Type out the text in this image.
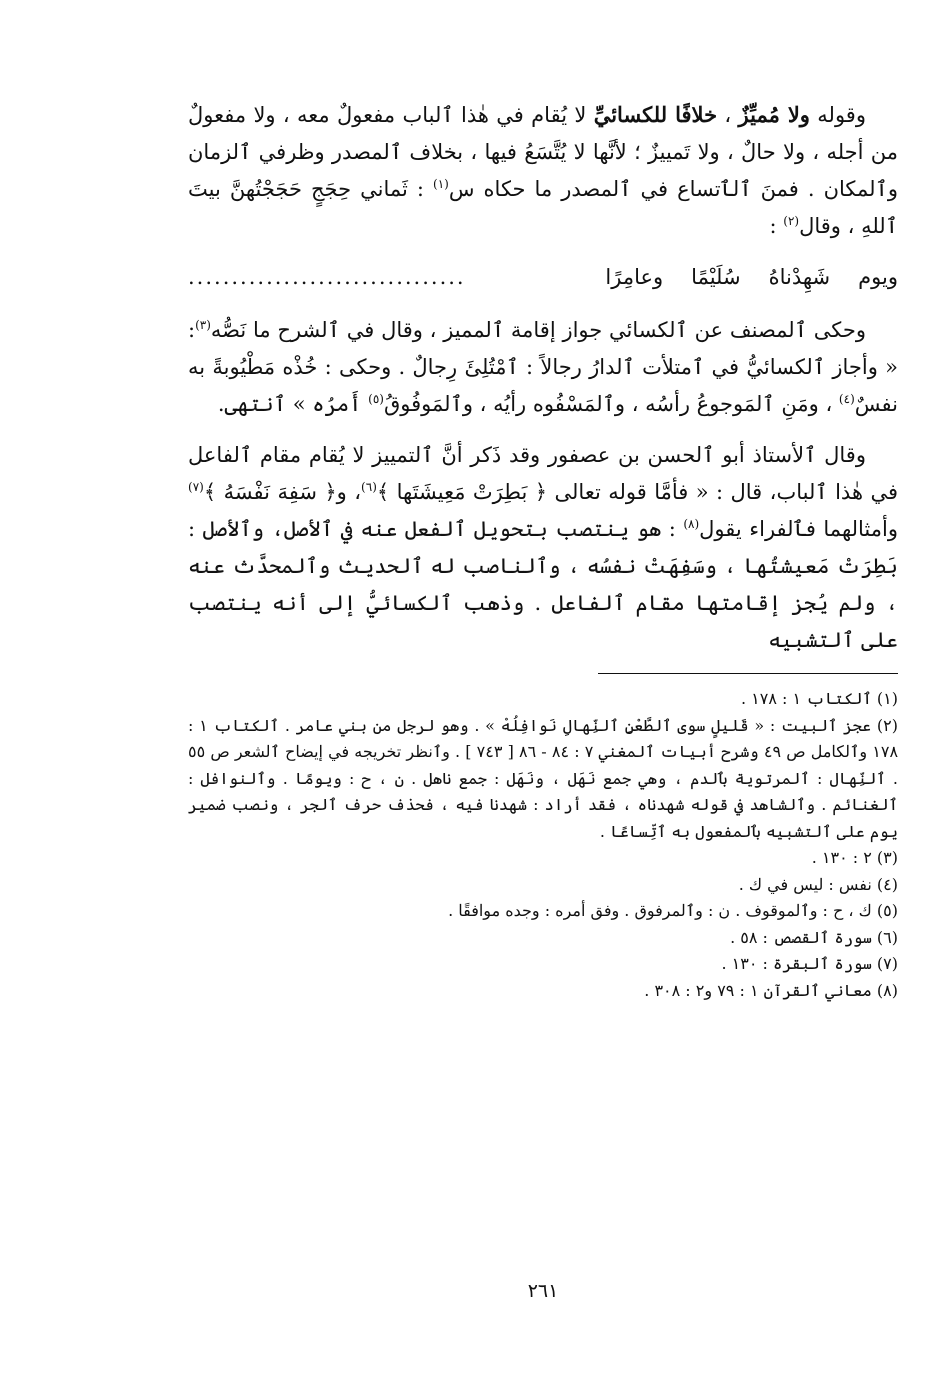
وقوله ولا مُميِّزٌ ، خلافًا للكسائيِّ لا يُقام في هٰذا ٱلباب مفعولٌ معه ، ولا مفعولٌ من أجله ، ولا حالٌ ، ولا تَمييزٌ ؛ لأنَّها لا يُتَّسَعُ فيها ، بخلاف ٱلمصدر وظرفي ٱلزمان وٱلمكان . فمنَ ٱلٱتساع في ٱلمصدر ما حكاه س$^{(١)}$ : ثَماني حِجَجٍ حَجَجْتُهنَّ بيتَ ٱللهِ ، وقال$^{(٢)}$ :

ويوم
شَهِدْناهُ
سُلَيْمًا
وعامِرًا
................................

وحكى ٱلمصنف عن ٱلكسائي جواز إقامة ٱلمميز ، وقال في ٱلشرح ما نَصُّه$^{(٣)}$: « وأجاز ٱلكسائيُّ في ٱمتلأت ٱلدارُ رجالاً : ٱمْتُلِئَ رِجالٌ . وحكى : خُذْه مَطْيُوبةً به نفسٌ$^{(٤)}$ ، ومَنِ ٱلمَوجوعُ رأسُه ، وٱلمَسْفُوه رأيُه ، وٱلمَوفُوقُ$^{(٥)}$ أَمرُه » ٱنتهى.

وقال ٱلأستاذ أبو ٱلحسن بن عصفور وقد ذَكر أنَّ ٱلتمييز لا يُقام مقام ٱلفاعل في هٰذا ٱلباب، قال : « فأمَّا قوله تعالى ﴿ بَطِرَتْ مَعِيشَتَها ﴾$^{(٦)}$، و﴿ سَفِهَ نَفْسَهُ ﴾$^{(٧)}$ وأمثالهما فٱلفراء يقول$^{(٨)}$ : هو ينتصب بتحويل ٱلفعل عنه في ٱلأصل، وٱلأصل : بَطِرَتْ مَعيشتُها ، وسَفِهَتْ نفسُه ، وٱلناصب له ٱلحديث وٱلمحدَّث عنه ، ولم يُجز إقامتها مقام ٱلفاعل . وذهب ٱلكسائيُّ إلى أنه ينتصب على ٱلتشبيه

(١) ٱلكتاب ١ : ١٧٨ .
(٢) عجز ٱلبيت : « قَليلٍ سوى ٱلطَّعْنِ ٱلنِّهالِ نَوافِلُهْ » . وهو لرجل من بني عامر . ٱلكتاب ١ : ١٧٨ وٱلكامل ص ٤٩ وشرح أبيات ٱلمغني ٧ : ٨٤ - ٨٦ [ ٧٤٣ ] . وٱنظر تخريجه في إيضاح ٱلشعر ص ٥٥ . ٱلنِّهال : ٱلمرتوية بٱلدم ، وهي جمع نَهَل ، ونَهَل : جمع ناهل . ن ، ح : ويومًا . وٱلنوافل : ٱلغنائم . وٱلشاهد في قوله شهدناه ، فقد أراد : شهدنا فيه ، فحذف حرف ٱلجر ، ونصب ضمير يوم على ٱلتشبيه بٱلمفعول به ٱتِّساعًا .
(٣) ٢ : ١٣٠ .
(٤) نفس : ليس في ك .
(٥) ك ، ح : وٱلموقوف . ن : وٱلمرفوق . وفق أمره : وجده موافقًا .
(٦) سورة ٱلقصص : ٥٨ .
(٧) سورة ٱلبقرة : ١٣٠ .
(٨) معاني ٱلقرآن ١ : ٧٩ و٢ : ٣٠٨ .
٢٦١
